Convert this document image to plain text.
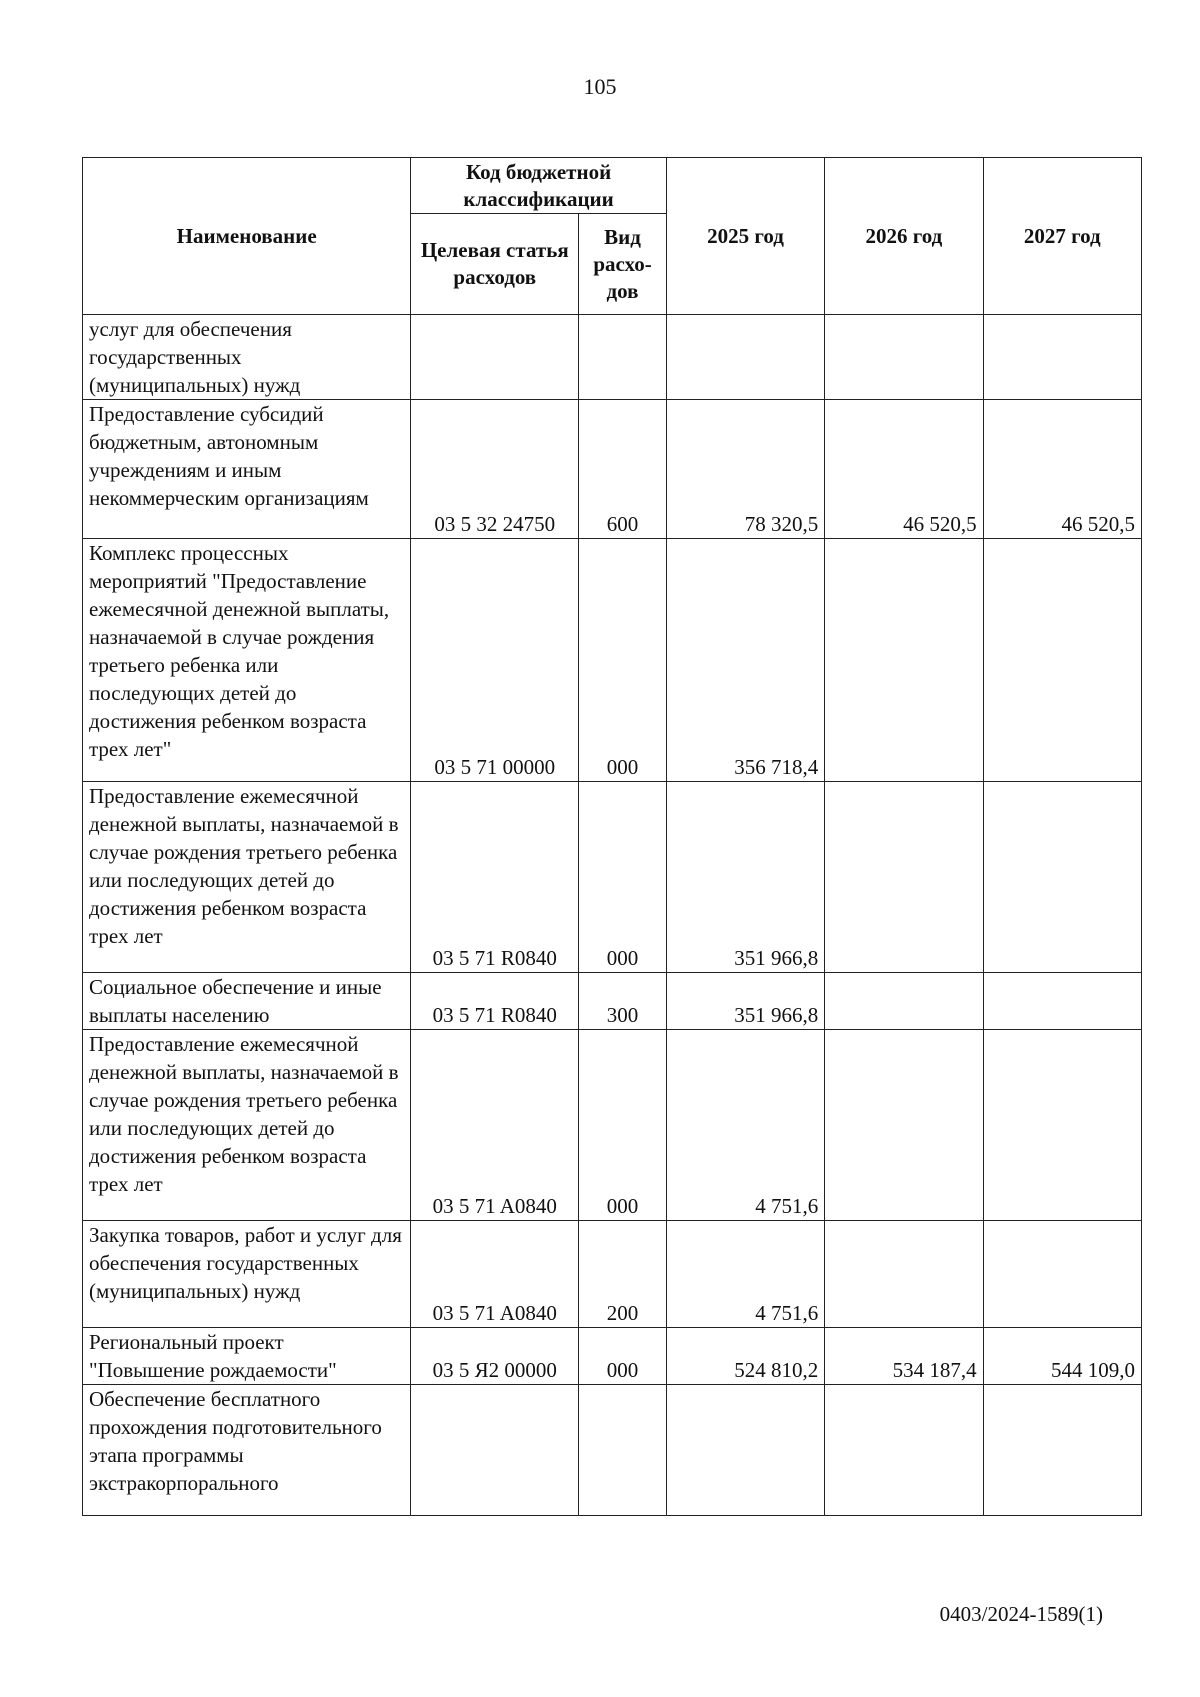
105
Наименование	Код бюджетной классификации		2025 год	2026 год	2027 год
	Целевая статья расходов	Вид расхо-дов			
услуг для обеспечения государственных (муниципальных) нужд					
Предоставление субсидий бюджетным, автономным учреждениям и иным некоммерческим организациям	03 5 32 24750	600	78 320,5	46 520,5	46 520,5
Комплекс процессных мероприятий "Предоставление ежемесячной денежной выплаты, назначаемой в случае рождения третьего ребенка или последующих детей до достижения ребенком возраста трех лет"	03 5 71 00000	000	356 718,4		
Предоставление ежемесячной денежной выплаты, назначаемой в случае рождения третьего ребенка или последующих детей до достижения ребенком возраста трех лет	03 5 71 R0840	000	351 966,8		
Социальное обеспечение и иные выплаты населению	03 5 71 R0840	300	351 966,8		
Предоставление ежемесячной денежной выплаты, назначаемой в случае рождения третьего ребенка или последующих детей до достижения ребенком возраста трех лет	03 5 71 A0840	000	4 751,6		
Закупка товаров, работ и услуг для обеспечения государственных (муниципальных) нужд	03 5 71 A0840	200	4 751,6		
Региональный проект "Повышение рождаемости"	03 5 Я2 00000	000	524 810,2	534 187,4	544 109,0
Обеспечение бесплатного прохождения подготовительного этапа программы экстракорпорального					
0403/2024-1589(1)
